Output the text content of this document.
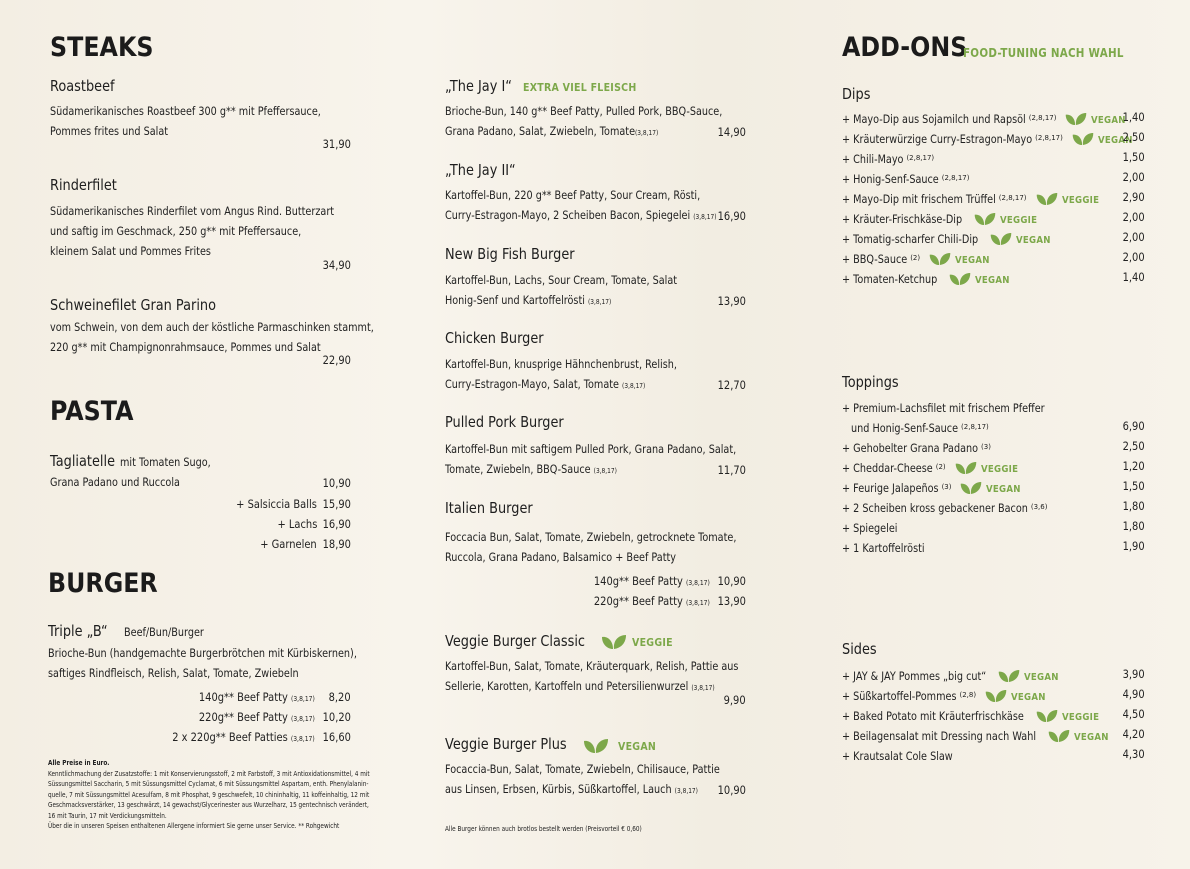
STEAKS
Roastbeef
Südamerikanisches Roastbeef 300 g** mit Pfeffersauce,
Pommes frites und Salat
31,90
Rinderfilet
Südamerikanisches Rinderfilet vom Angus Rind. Butterzart
und saftig im Geschmack, 250 g** mit Pfeffersauce,
kleinem Salat und Pommes Frites
34,90
Schweinefilet Gran Parino
vom Schwein, von dem auch der köstliche Parmaschinken stammt,
220 g** mit Champignonrahmsauce, Pommes und Salat
22,90
PASTA
Tagliatelle mit Tomaten Sugo,
Grana Padano und Ruccola	10,90
+ Salsiccia Balls 15,90
+ Lachs 16,90
+ Garnelen 18,90
BURGER
Triple „B“ Beef/Bun/Burger
Brioche-Bun (handgemachte Burgerbrötchen mit Kürbiskernen),
saftiges Rindfleisch, Relish, Salat, Tomate, Zwiebeln
140g** Beef Patty (3,8,17) 8,20
220g** Beef Patty (3,8,17) 10,20
2 x 220g** Beef Patties (3,8,17) 16,60
Alle Preise in Euro.
Kenntlichmachung der Zusatzstoffe: 1 mit Konservierungsstoff, 2 mit Farbstoff, 3 mit Antioxidationsmittel, 4 mit
Süssungsmittel Saccharin, 5 mit Süssungsmittel Cyclamat, 6 mit Süssungsmittel Aspartam, enth. Phenylalanin-
quelle, 7 mit Süssungsmittel Acesulfam, 8 mit Phosphat, 9 geschwefelt, 10 chininhaltig, 11 koffeinhaltig, 12 mit
Geschmacksverstärker, 13 geschwärzt, 14 gewachst/Glycerinester aus Wurzelharz, 15 gentechnisch verändert,
16 mit Taurin, 17 mit Verdickungsmitteln.
Über die in unseren Speisen enthaltenen Allergene informiert Sie gerne unser Service. ** Rohgewicht
„The Jay I“ EXTRA VIEL FLEISCH
Brioche-Bun, 140 g** Beef Patty, Pulled Pork, BBQ-Sauce,
Grana Padano, Salat, Zwiebeln, Tomate(3,8,17)	14,90
„The Jay II“
Kartoffel-Bun, 220 g** Beef Patty, Sour Cream, Rösti,
Curry-Estragon-Mayo, 2 Scheiben Bacon, Spiegelei (3,8,17) 16,90
New Big Fish Burger
Kartoffel-Bun, Lachs, Sour Cream, Tomate, Salat
Honig-Senf und Kartoffelrösti (3,8,17)	13,90
Chicken Burger
Kartoffel-Bun, knusprige Hähnchenbrust, Relish,
Curry-Estragon-Mayo, Salat, Tomate (3,8,17)	12,70
Pulled Pork Burger
Kartoffel-Bun mit saftigem Pulled Pork, Grana Padano, Salat,
Tomate, Zwiebeln, BBQ-Sauce (3,8,17)	11,70
Italien Burger
Foccacia Bun, Salat, Tomate, Zwiebeln, getrocknete Tomate,
Ruccola, Grana Padano, Balsamico + Beef Patty
140g** Beef Patty (3,8,17) 10,90
220g** Beef Patty (3,8,17) 13,90
Veggie Burger Classic	VEGGIE
Kartoffel-Bun, Salat, Tomate, Kräuterquark, Relish, Pattie aus
Sellerie, Karotten, Kartoffeln und Petersilienwurzel (3,8,17)
9,90
Veggie Burger Plus	VEGAN
Focaccia-Bun, Salat, Tomate, Zwiebeln, Chilisauce, Pattie
aus Linsen, Erbsen, Kürbis, Süßkartoffel, Lauch (3,8,17) 10,90
Alle Burger können auch brotlos bestellt werden (Preisvorteil € 0,60)
ADD-ONS
FOOD-TUNING NACH WAHL
Dips
+ Mayo-Dip aus Sojamilch und Rapsöl (2,8,17)	VEGAN
1,40
+ Kräuterwürzige Curry-Estragon-Mayo (2,8,17)	VEGAN
2,50
+ Chili-Mayo (2,8,17)	1,50
+ Honig-Senf-Sauce (2,8,17)	2,00
+ Mayo-Dip mit frischem Trüffel (2,8,17)	VEGGIE	2,90
+ Kräuter-Frischkäse-Dip	VEGGIE	2,00
+ Tomatig-scharfer Chili-Dip	VEGAN	2,00
+ BBQ-Sauce (2)	VEGAN	2,00
+ Tomaten-Ketchup	VEGAN	1,40
Toppings
+ Premium-Lachsfilet mit frischem Pfeffer
und Honig-Senf-Sauce (2,8,17)	6,90
+ Gehobelter Grana Padano (3)	2,50
+ Cheddar-Cheese (2)	VEGGIE	1,20
+ Feurige Jalapeños (3)	VEGAN	1,50
+ 2 Scheiben kross gebackener Bacon (3,6)	1,80
+ Spiegelei	1,80
+ 1 Kartoffelrösti	1,90
Sides
+ JAY & JAY Pommes „big cut“	VEGAN	3,90
+ Süßkartoffel-Pommes (2,8)	VEGAN	4,90
+ Baked Potato mit Kräuterfrischkäse	VEGGIE	4,50
+ Beilagensalat mit Dressing nach Wahl	VEGAN	4,20
+ Krautsalat Cole Slaw	4,30
